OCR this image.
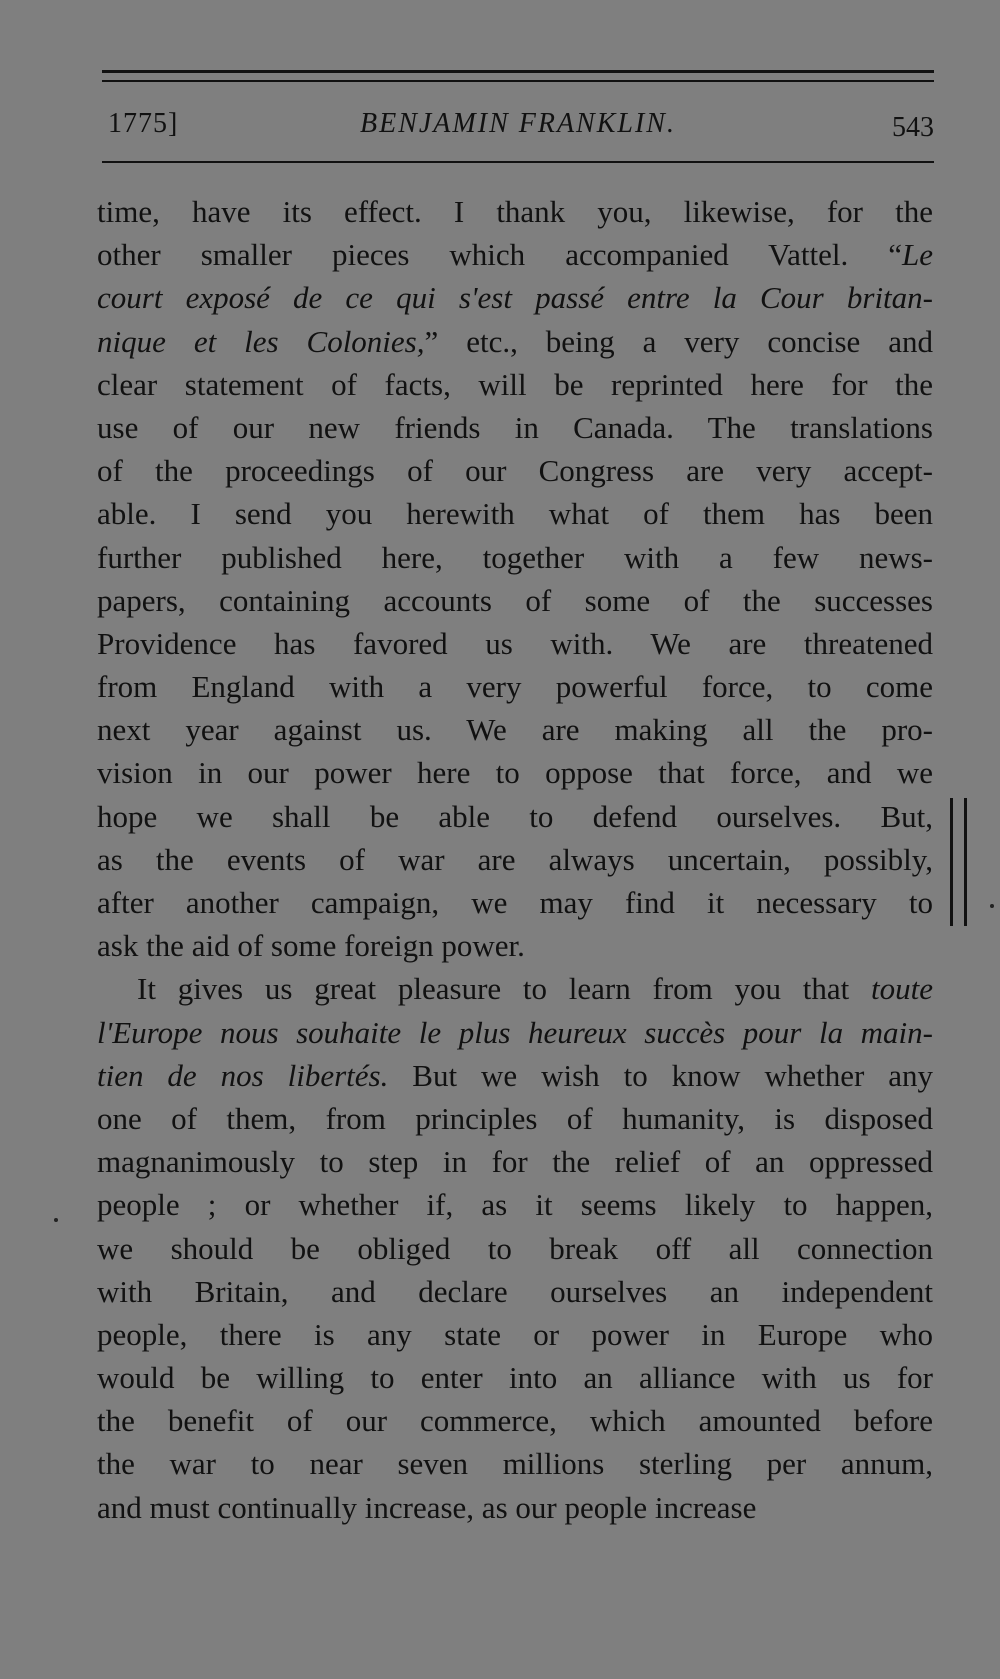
1775]	BENJAMIN FRANKLIN.	543
time, have its effect. I thank you, likewise, for the
other smaller pieces which accompanied Vattel. “Le
court exposé de ce qui s'est passé entre la Cour britan-
nique et les Colonies,” etc., being a very concise and
clear statement of facts, will be reprinted here for the
use of our new friends in Canada. The translations
of the proceedings of our Congress are very accept-
able. I send you herewith what of them has been
further published here, together with a few news-
papers, containing accounts of some of the successes
Providence has favored us with. We are threatened
from England with a very powerful force, to come
next year against us. We are making all the pro-
vision in our power here to oppose that force, and we
hope we shall be able to defend ourselves. But,
as the events of war are always uncertain, possibly,
after another campaign, we may find it necessary to
ask the aid of some foreign power.
It gives us great pleasure to learn from you that toute
l'Europe nous souhaite le plus heureux succès pour la main-
tien de nos libertés. But we wish to know whether any
one of them, from principles of humanity, is disposed
magnanimously to step in for the relief of an oppressed
people ; or whether if, as it seems likely to happen,
we should be obliged to break off all connection
with Britain, and declare ourselves an independent
people, there is any state or power in Europe who
would be willing to enter into an alliance with us for
the benefit of our commerce, which amounted before
the war to near seven millions sterling per annum,
and must continually increase, as our people increase
